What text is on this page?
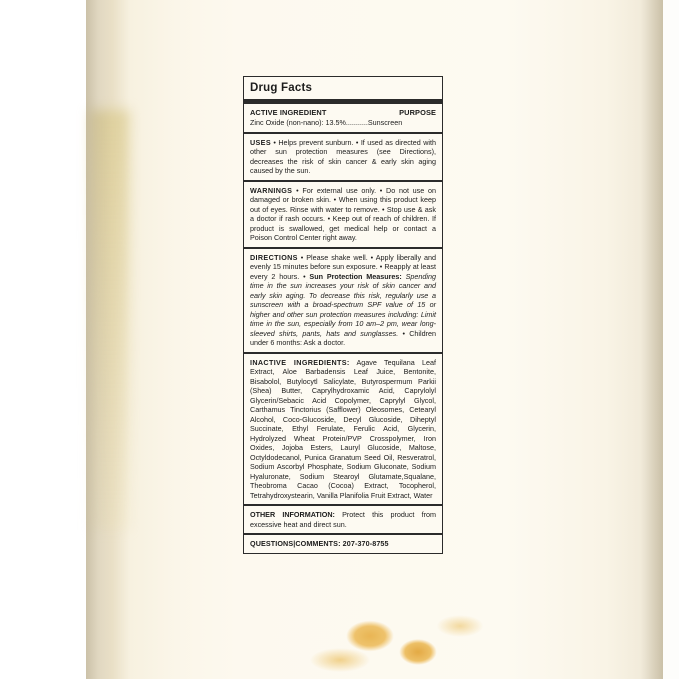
Drug Facts
ACTIVE INGREDIENT	PURPOSE
Zinc Oxide (non-nano): 13.5%...........Sunscreen
USES • Helps prevent sunburn. • If used as directed with other sun protection measures (see Directions), decreases the risk of skin cancer & early skin aging caused by the sun.
WARNINGS • For external use only. • Do not use on damaged or broken skin. • When using this product keep out of eyes. Rinse with water to remove. • Stop use & ask a doctor if rash occurs. • Keep out of reach of children. If product is swallowed, get medical help or contact a Poison Control Center right away.
DIRECTIONS • Please shake well. • Apply liberally and evenly 15 minutes before sun exposure. • Reapply at least every 2 hours. • Sun Protection Measures: Spending time in the sun increases your risk of skin cancer and early skin aging. To decrease this risk, regularly use a sunscreen with a broad-spectrum SPF value of 15 or higher and other sun protection measures including: Limit time in the sun, especially from 10 am–2 pm, wear long-sleeved shirts, pants, hats and sunglasses. • Children under 6 months: Ask a doctor.
INACTIVE INGREDIENTS: Agave Tequilana Leaf Extract, Aloe Barbadensis Leaf Juice, Bentonite, Bisabolol, Butylocytl Salicylate, Butyrospermum Parkii (Shea) Butter, Caprylhydroxamic Acid, Caprylolyl Glycerin/Sebacic Acid Copolymer, Caprylyl Glycol, Carthamus Tinctorius (Safflower) Oleosomes, Cetearyl Alcohol, Coco-Glucoside, Decyl Glucoside, Diheptyl Succinate, Ethyl Ferulate, Ferulic Acid, Glycerin, Hydrolyzed Wheat Protein/PVP Crosspolymer, Iron Oxides, Jojoba Esters, Lauryl Glucoside, Maltose, Octyldodecanol, Punica Granatum Seed Oil, Resveratrol, Sodium Ascorbyl Phosphate, Sodium Gluconate, Sodium Hyaluronate, Sodium Stearoyl Glutamate,Squalane, Theobroma Cacao (Cocoa) Extract, Tocopherol, Tetrahydroxystearin, Vanilla Planifolia Fruit Extract, Water
OTHER INFORMATION: Protect this product from excessive heat and direct sun.
QUESTIONS|COMMENTS: 207-370-8755
